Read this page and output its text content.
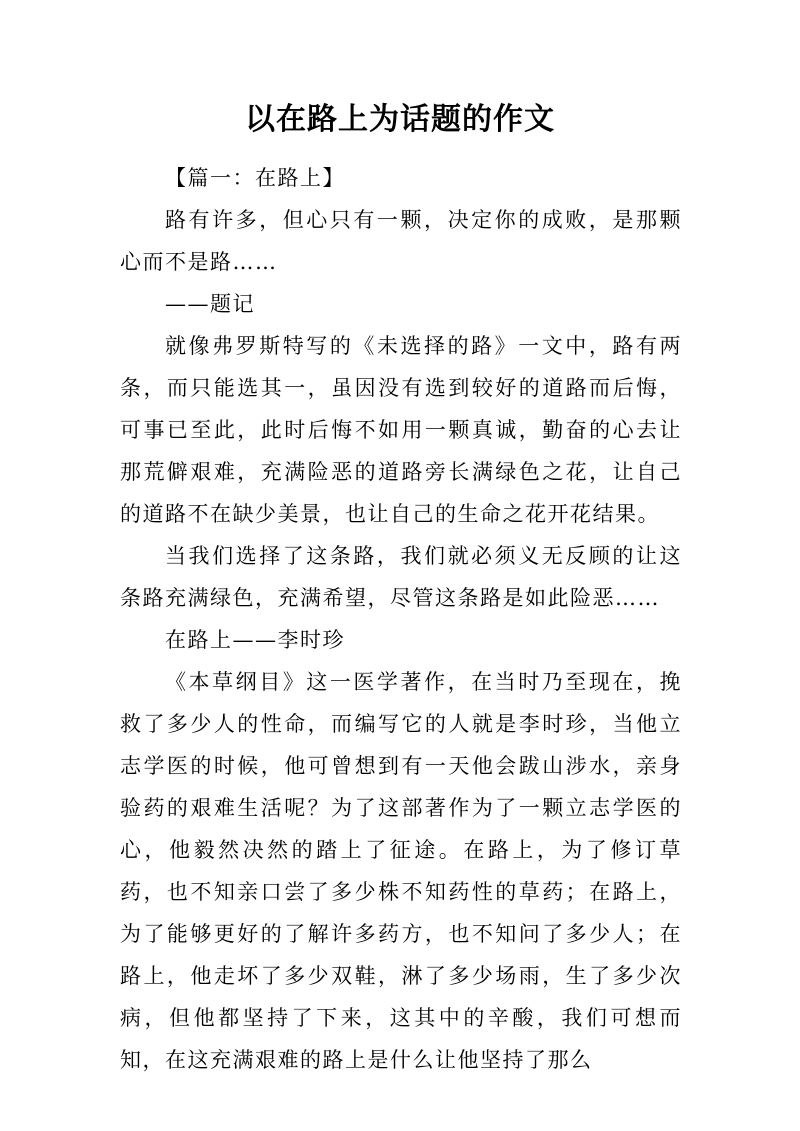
以在路上为话题的作文

【篇一：在路上】

路有许多，但心只有一颗，决定你的成败，是那颗心而不是路……

——题记

就像弗罗斯特写的《未选择的路》一文中，路有两条，而只能选其一，虽因没有选到较好的道路而后悔，可事已至此，此时后悔不如用一颗真诚，勤奋的心去让那荒僻艰难，充满险恶的道路旁长满绿色之花，让自己的道路不在缺少美景，也让自己的生命之花开花结果。

当我们选择了这条路，我们就必须义无反顾的让这条路充满绿色，充满希望，尽管这条路是如此险恶……

在路上——李时珍

《本草纲目》这一医学著作，在当时乃至现在，挽救了多少人的性命，而编写它的人就是李时珍，当他立志学医的时候，他可曾想到有一天他会跋山涉水，亲身验药的艰难生活呢？为了这部著作为了一颗立志学医的心，他毅然决然的踏上了征途。在路上，为了修订草药，也不知亲口尝了多少株不知药性的草药；在路上，为了能够更好的了解许多药方，也不知问了多少人；在路上，他走坏了多少双鞋，淋了多少场雨，生了多少次病，但他都坚持了下来，这其中的辛酸，我们可想而知，在这充满艰难的路上是什么让他坚持了那么
